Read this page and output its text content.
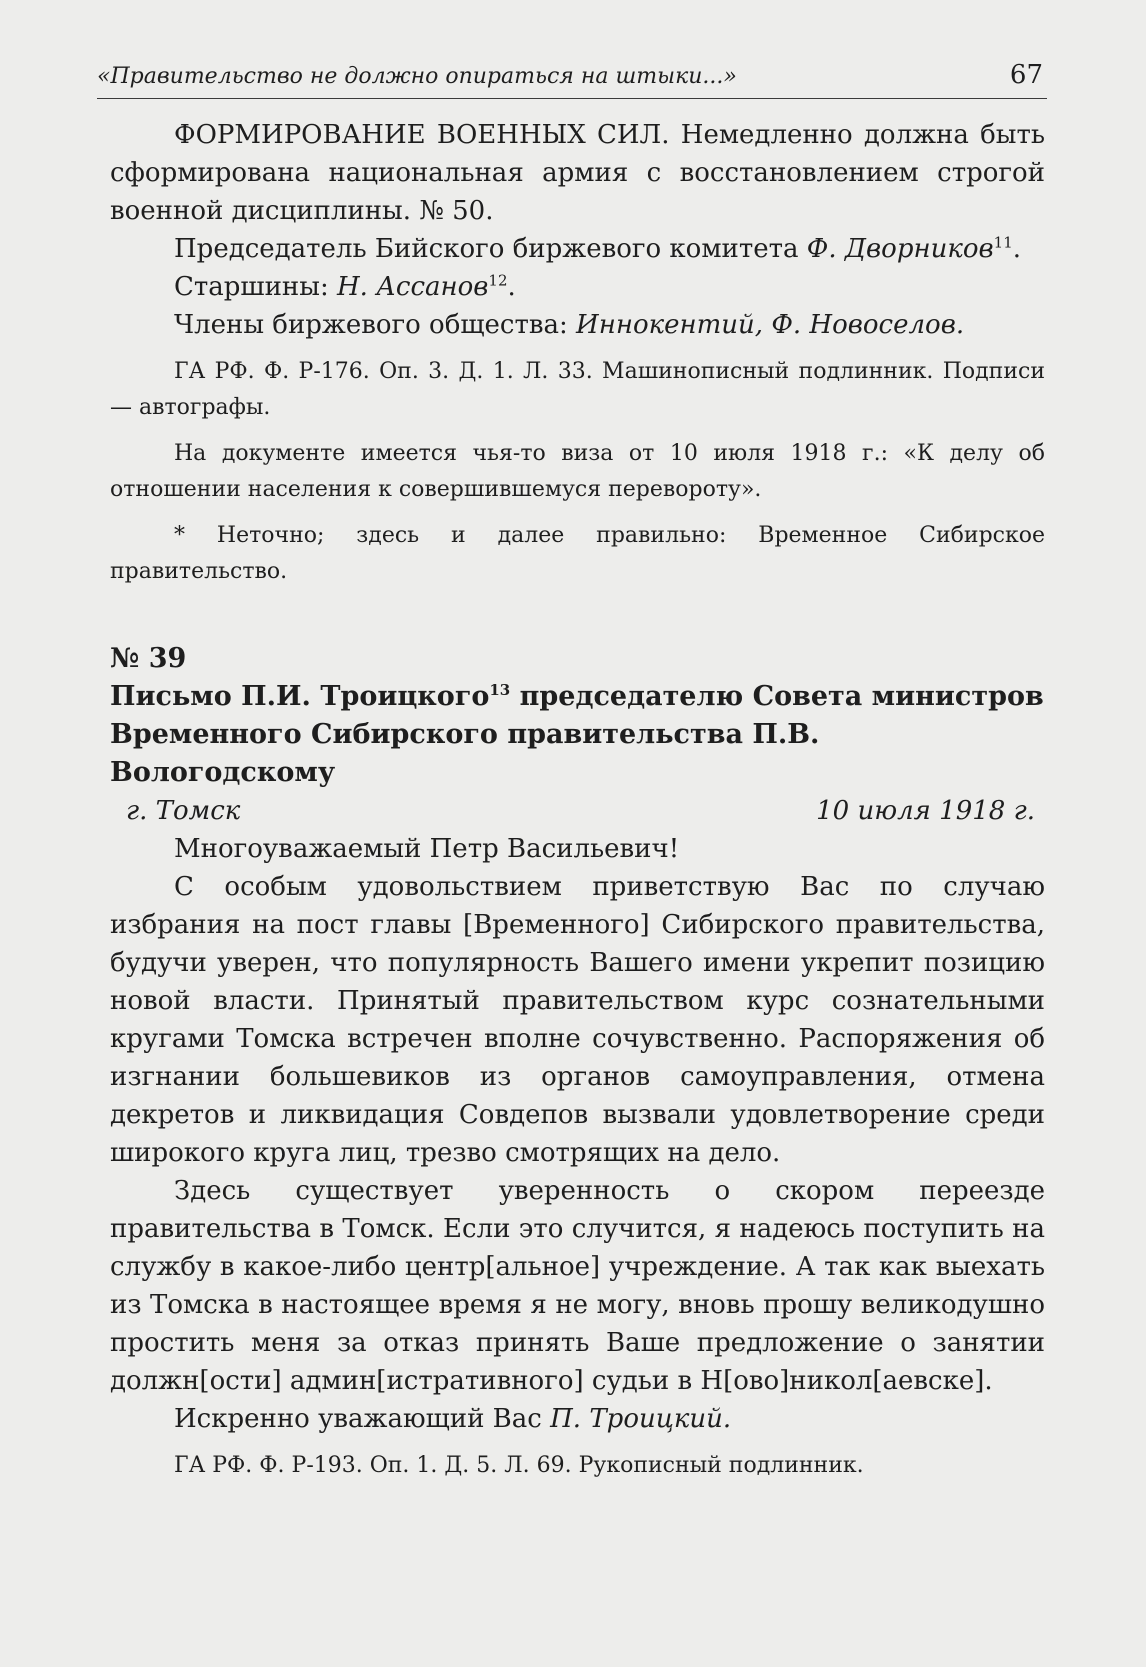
«Правительство не должно опираться на штыки...»	67

ФОРМИРОВАНИЕ ВОЕННЫХ СИЛ. Немедленно должна быть сформирована национальная армия с восстановлением строгой военной дисциплины. № 50.

Председатель Бийского биржевого комитета Ф. Дворников$^{11}$.

Старшины: Н. Ассанов$^{12}$.

Члены биржевого общества: Иннокентий, Ф. Новоселов.

ГА РФ. Ф. Р-176. Оп. 3. Д. 1. Л. 33. Машинописный подлинник. Подписи — автографы.

На документе имеется чья-то виза от 10 июля 1918 г.: «К делу об отношении населения к совершившемуся перевороту».

* Неточно; здесь и далее правильно: Временное Сибирское правительство.

№ 39

Письмо П.И. Троицкого$^{13}$ председателю Совета министров Временного Сибирского правительства П.В. Вологодскому

г. Томск	10 июля 1918 г.

Многоуважаемый Петр Васильевич!

С особым удовольствием приветствую Вас по случаю избрания на пост главы [Временного] Сибирского правительства, будучи уверен, что популярность Вашего имени укрепит позицию новой власти. Принятый правительством курс сознательными кругами Томска встречен вполне сочувственно. Распоряжения об изгнании большевиков из органов самоуправления, отмена декретов и ликвидация Совдепов вызвали удовлетворение среди широкого круга лиц, трезво смотрящих на дело.

Здесь существует уверенность о скором переезде правительства в Томск. Если это случится, я надеюсь поступить на службу в какое-либо центр[альное] учреждение. А так как выехать из Томска в настоящее время я не могу, вновь прошу великодушно простить меня за отказ принять Ваше предложение о занятии должн[ости] админ[истративного] судьи в Н[ово]никол[аевске].

Искренно уважающий Вас П. Троицкий.

ГА РФ. Ф. Р-193. Оп. 1. Д. 5. Л. 69. Рукописный подлинник.
